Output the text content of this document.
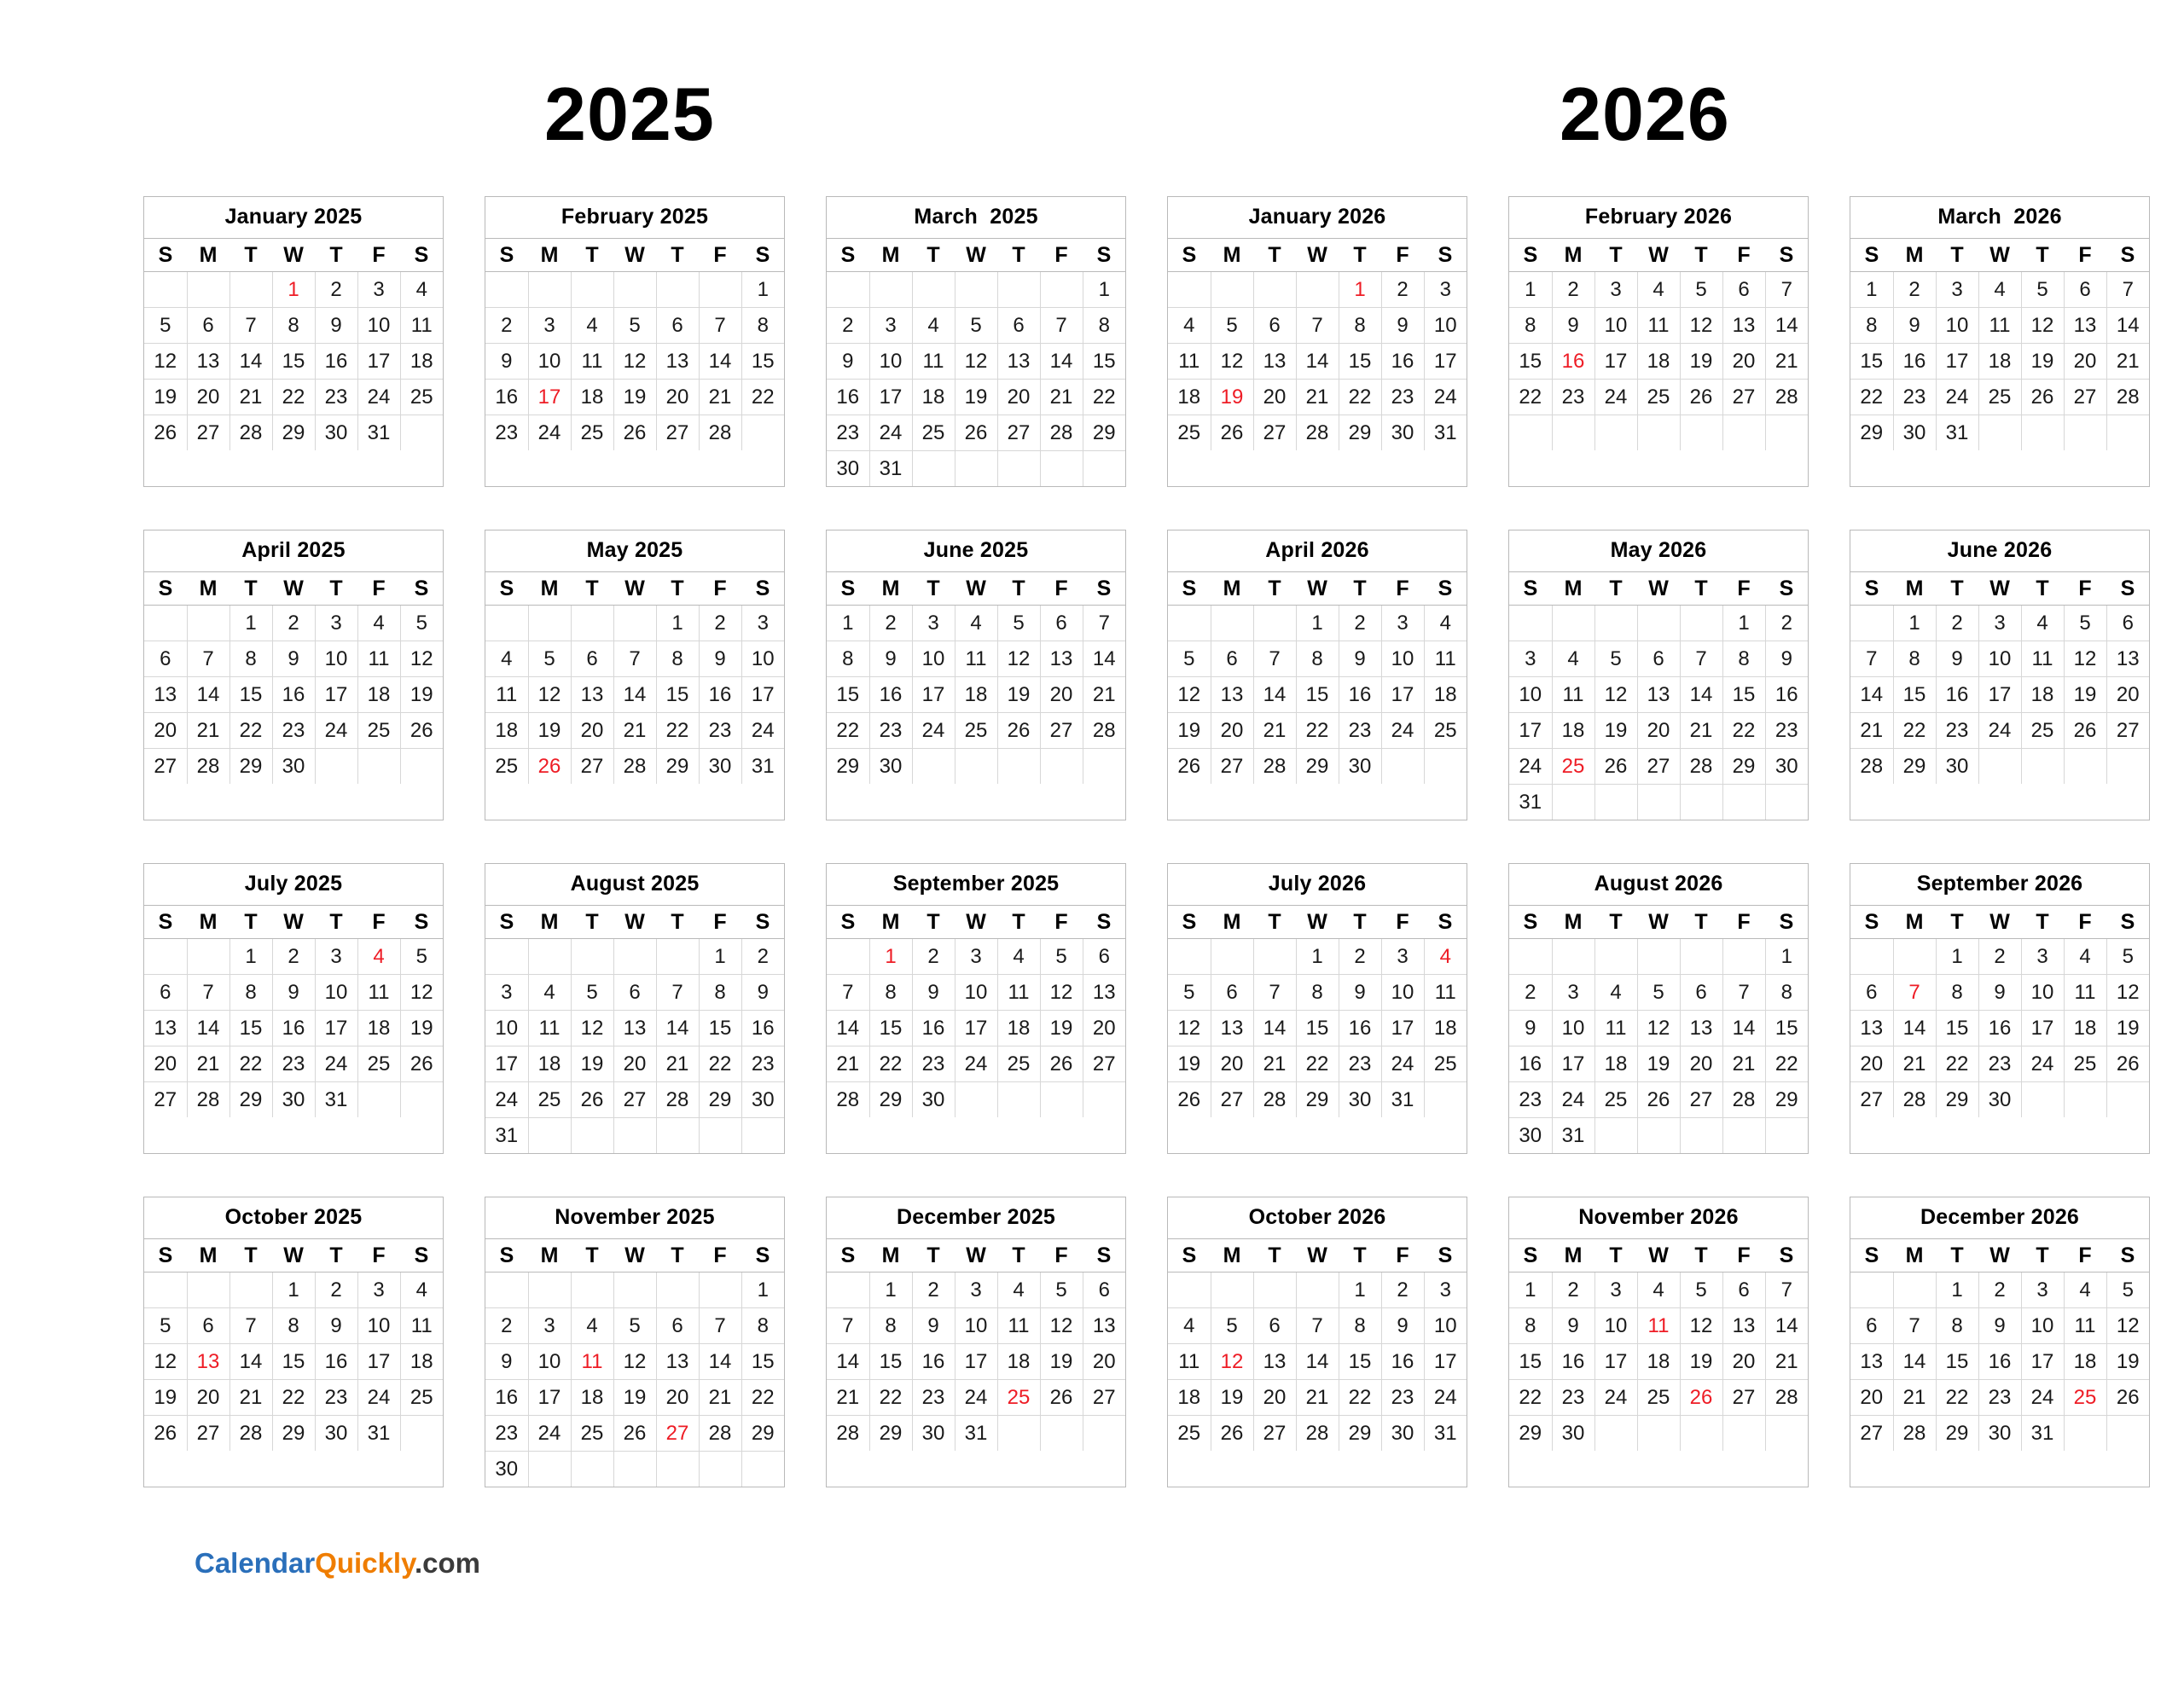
2025	2026
January 2025
S	M	T	W	T	F	S
			1	2	3	4
5	6	7	8	9	10	11
12	13	14	15	16	17	18
19	20	21	22	23	24	25
26	27	28	29	30	31	
February 2025
S	M	T	W	T	F	S
						1
2	3	4	5	6	7	8
9	10	11	12	13	14	15
16	17	18	19	20	21	22
23	24	25	26	27	28	
March  2025
S	M	T	W	T	F	S
						1
2	3	4	5	6	7	8
9	10	11	12	13	14	15
16	17	18	19	20	21	22
23	24	25	26	27	28	29
30	31					
January 2026
S	M	T	W	T	F	S
				1	2	3
4	5	6	7	8	9	10
11	12	13	14	15	16	17
18	19	20	21	22	23	24
25	26	27	28	29	30	31
February 2026
S	M	T	W	T	F	S
1	2	3	4	5	6	7
8	9	10	11	12	13	14
15	16	17	18	19	20	21
22	23	24	25	26	27	28

March  2026
S	M	T	W	T	F	S
1	2	3	4	5	6	7
8	9	10	11	12	13	14
15	16	17	18	19	20	21
22	23	24	25	26	27	28
29	30	31				
April 2025
S	M	T	W	T	F	S
		1	2	3	4	5
6	7	8	9	10	11	12
13	14	15	16	17	18	19
20	21	22	23	24	25	26
27	28	29	30			
May 2025
S	M	T	W	T	F	S
				1	2	3
4	5	6	7	8	9	10
11	12	13	14	15	16	17
18	19	20	21	22	23	24
25	26	27	28	29	30	31
June 2025
S	M	T	W	T	F	S
1	2	3	4	5	6	7
8	9	10	11	12	13	14
15	16	17	18	19	20	21
22	23	24	25	26	27	28
29	30					
April 2026
S	M	T	W	T	F	S
			1	2	3	4
5	6	7	8	9	10	11
12	13	14	15	16	17	18
19	20	21	22	23	24	25
26	27	28	29	30		
May 2026
S	M	T	W	T	F	S
					1	2
3	4	5	6	7	8	9
10	11	12	13	14	15	16
17	18	19	20	21	22	23
24	25	26	27	28	29	30
31						
June 2026
S	M	T	W	T	F	S
	1	2	3	4	5	6
7	8	9	10	11	12	13
14	15	16	17	18	19	20
21	22	23	24	25	26	27
28	29	30				
July 2025
S	M	T	W	T	F	S
		1	2	3	4	5
6	7	8	9	10	11	12
13	14	15	16	17	18	19
20	21	22	23	24	25	26
27	28	29	30	31		
August 2025
S	M	T	W	T	F	S
					1	2
3	4	5	6	7	8	9
10	11	12	13	14	15	16
17	18	19	20	21	22	23
24	25	26	27	28	29	30
31						
September 2025
S	M	T	W	T	F	S
	1	2	3	4	5	6
7	8	9	10	11	12	13
14	15	16	17	18	19	20
21	22	23	24	25	26	27
28	29	30				
July 2026
S	M	T	W	T	F	S
			1	2	3	4
5	6	7	8	9	10	11
12	13	14	15	16	17	18
19	20	21	22	23	24	25
26	27	28	29	30	31	
August 2026
S	M	T	W	T	F	S
						1
2	3	4	5	6	7	8
9	10	11	12	13	14	15
16	17	18	19	20	21	22
23	24	25	26	27	28	29
30	31					
September 2026
S	M	T	W	T	F	S
		1	2	3	4	5
6	7	8	9	10	11	12
13	14	15	16	17	18	19
20	21	22	23	24	25	26
27	28	29	30			
October 2025
S	M	T	W	T	F	S
			1	2	3	4
5	6	7	8	9	10	11
12	13	14	15	16	17	18
19	20	21	22	23	24	25
26	27	28	29	30	31	
November 2025
S	M	T	W	T	F	S
						1
2	3	4	5	6	7	8
9	10	11	12	13	14	15
16	17	18	19	20	21	22
23	24	25	26	27	28	29
30						
December 2025
S	M	T	W	T	F	S
	1	2	3	4	5	6
7	8	9	10	11	12	13
14	15	16	17	18	19	20
21	22	23	24	25	26	27
28	29	30	31			
October 2026
S	M	T	W	T	F	S
				1	2	3
4	5	6	7	8	9	10
11	12	13	14	15	16	17
18	19	20	21	22	23	24
25	26	27	28	29	30	31
November 2026
S	M	T	W	T	F	S
1	2	3	4	5	6	7
8	9	10	11	12	13	14
15	16	17	18	19	20	21
22	23	24	25	26	27	28
29	30					
December 2026
S	M	T	W	T	F	S
		1	2	3	4	5
6	7	8	9	10	11	12
13	14	15	16	17	18	19
20	21	22	23	24	25	26
27	28	29	30	31		
CalendarQuickly.com
